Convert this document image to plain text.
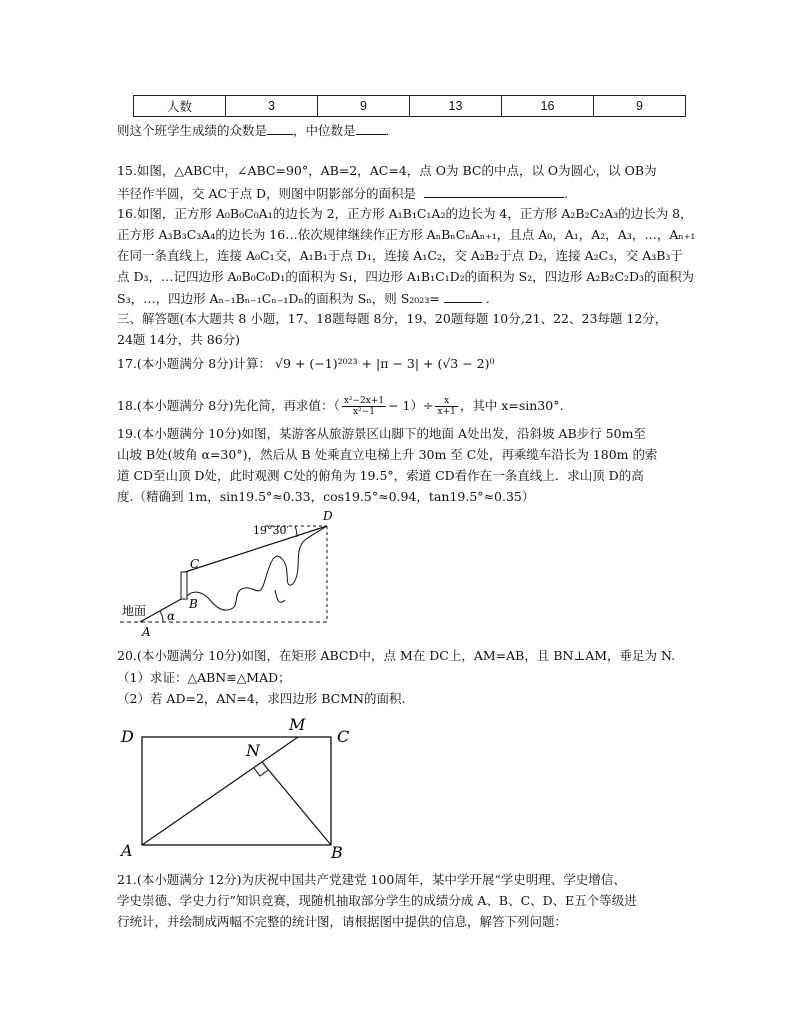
人数	3	9	13	16	9
则这个班学生成绩的众数是 ，中位数是 .
15.如图，△ABC中，∠ABC=90°，AB=2，AC=4，点 O为 BC的中点，以 O为圆心，以 OB为
半径作半圆，交 AC于点 D，则图中阴影部分的面积是	.
16.如图，正方形 A₀B₀C₀A₁的边长为 2，正方形 A₁B₁C₁A₂的边长为 4，正方形 A₂B₂C₂A₃的边长为 8，
正方形 A₃B₃C₃A₄的边长为 16…依次规律继续作正方形 AₙBₙCₙAₙ₊₁，且点 A₀，A₁，A₂，A₃，…，Aₙ₊₁
在同一条直线上，连接 A₀C₁交，A₁B₁于点 D₁，连接 A₁C₂，交 A₂B₂于点 D₂，连接 A₂C₃，交 A₃B₃于
点 D₃，…记四边形 A₀B₀C₀D₁的面积为 S₁，四边形 A₁B₁C₁D₂的面积为 S₂，四边形 A₂B₂C₂D₃的面积为
S₃，…，四边形 Aₙ₋₁Bₙ₋₁Cₙ₋₁Dₙ的面积为 Sₙ，则 S₂₀₂₃=	.
三、解答题(本大题共 8 小题，17、18题每题 8分，19、20题每题 10分,21、22、23每题 12分，
24题 14分，共 86分)
17.(本小题满分 8分)计算： √9 + (−1)²⁰²³ + |π − 3| + (√3 − 2)⁰
18.(本小题满分 8分)先化简，再求值：（ $\frac{\text{x²−2x+1}}{\text{x²−1}} - 1)\div \frac{x}{x+1}$ ，其中 x=sin30°.
19.(本小题满分 10分)如图，某游客从旅游景区山脚下的地面 A处出发，沿斜坡 AB步行 50m至
山坡 B处(坡角 α=30°)，然后从 B 处乘直立电梯上升 30m 至 C处，再乘缆车沿长为 180m 的索
道 CD至山顶 D处，此时观测 C处的俯角为 19.5°，索道 CD看作在一条直线上．求山顶 D的高
度.（精确到 1m，sin19.5°≈0.33，cos19.5°≈0.94，tan19.5°≈0.35）
19°30′
D
C
B
A
α
地面
20.(本小题满分 10分)如图，在矩形 ABCD中，点 M在 DC上，AM=AB，且 BN⊥AM，垂足为 N.
（1）求证：△ABN≌△MAD；
（2）若 AD=2，AN=4，求四边形 BCMN的面积.
D
M
C
N
A	B
21.(本小题满分 12分)为庆祝中国共产党建党 100周年，某中学开展“学史明理、学史增信、
学史崇德、学史力行”知识竞赛，现随机抽取部分学生的成绩分成 A、B、C、D、E五个等级进
行统计，并绘制成两幅不完整的统计图，请根据图中提供的信息，解答下列问题：
